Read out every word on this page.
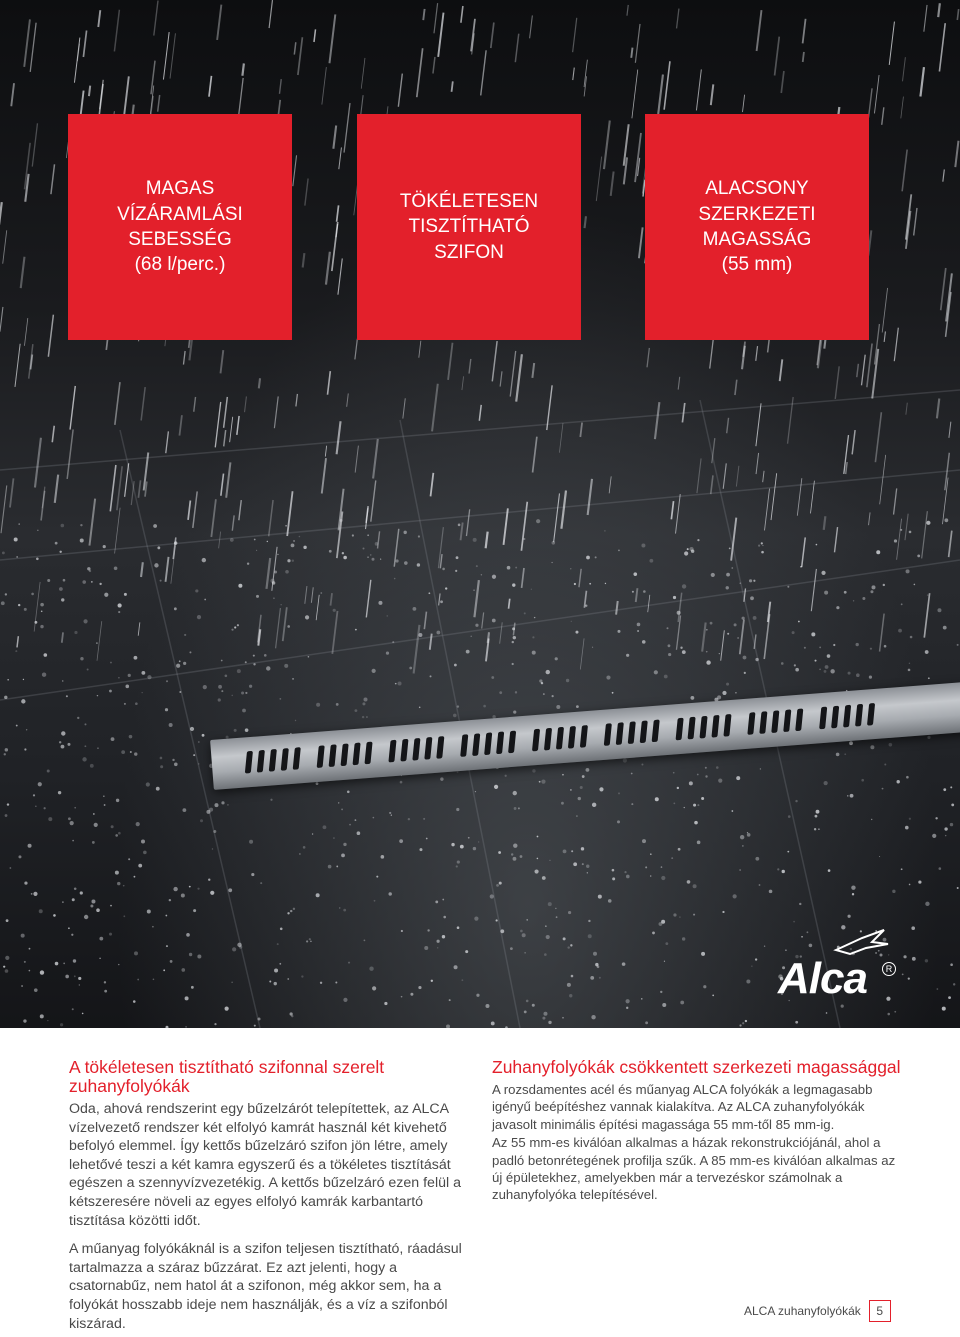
MAGAS
VÍZÁRAMLÁSI
SEBESSÉG
(68 l/perc.)
TÖKÉLETESEN
TISZTÍTHATÓ
SZIFON
ALACSONY
SZERKEZETI
MAGASSÁG
(55 mm)
Alca	R
A tökéletesen tisztítható szifonnal szerelt zuhanyfolyókák

Oda, ahová rendszerint egy bűzelzárót telepítettek, az ALCA vízelvezető rendszer két elfolyó kamrát használ két kivehető befolyó elemmel. Így kettős bűzelzáró szifon jön létre, amely lehetővé teszi a két kamra egyszerű és a tökéletes tisztítását egészen a szennyvízvezetékig. A kettős bűzelzáró ezen felül a kétszeresére növeli az egyes elfolyó kamrák karbantartó tisztítása közötti időt.

A műanyag folyókáknál is a szifon teljesen tisztítható, ráadásul tartalmazza a száraz bűzzárat. Ez azt jelenti, hogy a csatornabűz, nem hatol át a szifonon, még akkor sem, ha a folyókát hosszabb ideje nem használják, és a víz a szifonból kiszárad.

Zuhanyfolyókák csökkentett szerkezeti magassággal

A rozsdamentes acél és műanyag ALCA folyókák a legmagasabb igényű beépítéshez vannak kialakítva. Az ALCA zuhanyfolyókák javasolt minimális építési magassága 55 mm-től 85 mm-ig.

Az 55 mm-es kiválóan alkalmas a házak rekonstrukciójánál, ahol a padló betonrétegének profilja szűk. A 85 mm-es kiválóan alkalmas az új épületekhez, amelyekben már a tervezéskor számolnak a zuhanyfolyóka telepítésével.

ALCA zuhanyfolyókák	5
